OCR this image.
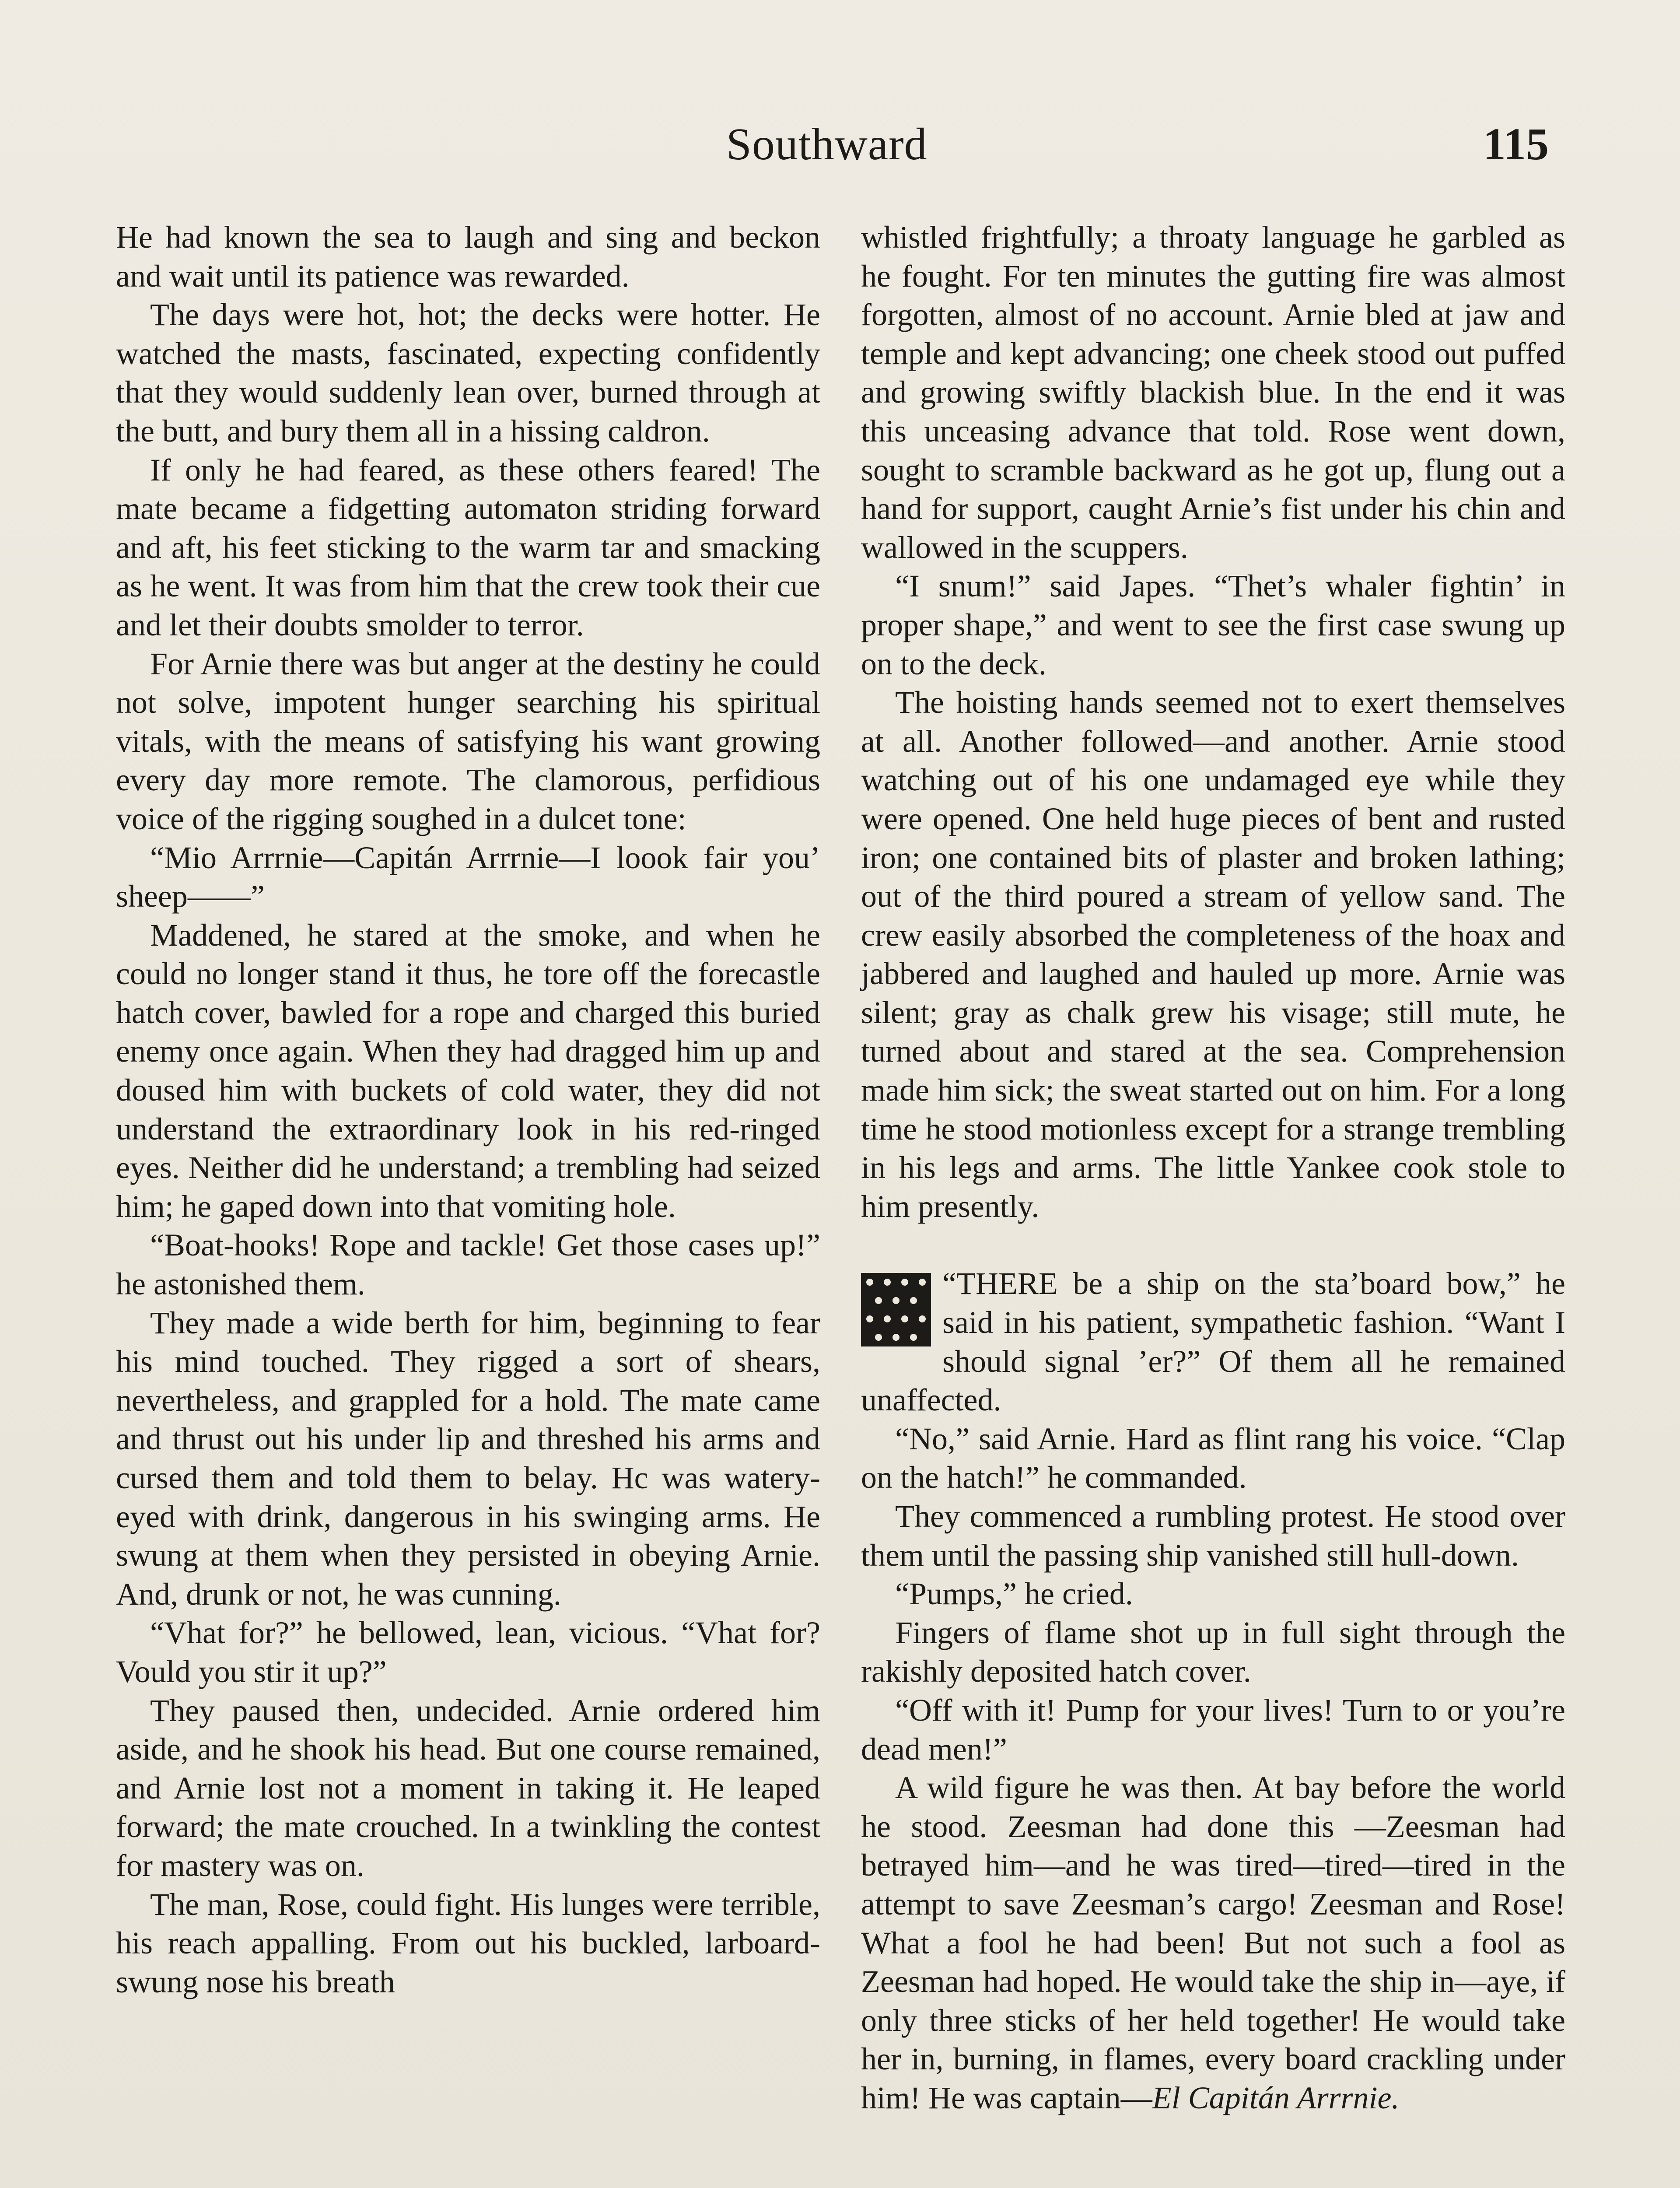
Southward	115

He had known the sea to laugh and sing and beckon and wait until its patience was rewarded.

The days were hot, hot; the decks were hotter. He watched the masts, fascinated, expecting confidently that they would suddenly lean over, burned through at the butt, and bury them all in a hissing caldron.

If only he had feared, as these others feared! The mate became a fidgetting automaton striding forward and aft, his feet sticking to the warm tar and smacking as he went. It was from him that the crew took their cue and let their doubts smolder to terror.

For Arnie there was but anger at the destiny he could not solve, impotent hunger searching his spiritual vitals, with the means of satisfying his want growing every day more remote. The clamorous, perfidious voice of the rigging soughed in a dulcet tone:

“Mio Arrrnie—Capitán Arrrnie—I loook fair you’ sheep——”

Maddened, he stared at the smoke, and when he could no longer stand it thus, he tore off the forecastle hatch cover, bawled for a rope and charged this buried enemy once again. When they had dragged him up and doused him with buckets of cold water, they did not understand the extraordinary look in his red-ringed eyes. Neither did he understand; a trembling had seized him; he gaped down into that vomiting hole.

“Boat-hooks! Rope and tackle! Get those cases up!” he astonished them.

They made a wide berth for him, beginning to fear his mind touched. They rigged a sort of shears, nevertheless, and grappled for a hold. The mate came and thrust out his under lip and threshed his arms and cursed them and told them to belay. Hc was watery-eyed with drink, dangerous in his swinging arms. He swung at them when they persisted in obeying Arnie. And, drunk or not, he was cunning.

“Vhat for?” he bellowed, lean, vicious. “Vhat for? Vould you stir it up?”

They paused then, undecided. Arnie ordered him aside, and he shook his head. But one course remained, and Arnie lost not a moment in taking it. He leaped forward; the mate crouched. In a twinkling the contest for mastery was on.

The man, Rose, could fight. His lunges were terrible, his reach appalling. From out his buckled, larboard-swung nose his breath

whistled frightfully; a throaty language he garbled as he fought. For ten minutes the gutting fire was almost forgotten, almost of no account. Arnie bled at jaw and temple and kept advancing; one cheek stood out puffed and growing swiftly blackish blue. In the end it was this unceasing advance that told. Rose went down, sought to scramble backward as he got up, flung out a hand for support, caught Arnie’s fist under his chin and wallowed in the scuppers.

“I snum!” said Japes. “Thet’s whaler fightin’ in proper shape,” and went to see the first case swung up on to the deck.

The hoisting hands seemed not to exert themselves at all. Another followed—and another. Arnie stood watching out of his one undamaged eye while they were opened. One held huge pieces of bent and rusted iron; one contained bits of plaster and broken lathing; out of the third poured a stream of yellow sand. The crew easily absorbed the completeness of the hoax and jabbered and laughed and hauled up more. Arnie was silent; gray as chalk grew his visage; still mute, he turned about and stared at the sea. Comprehension made him sick; the sweat started out on him. For a long time he stood motionless except for a strange trembling in his legs and arms. The little Yankee cook stole to him presently.

“THERE be a ship on the sta’board bow,” he said in his patient, sympathetic fashion. “Want I should signal ’er?” Of them all he remained unaffected.

“No,” said Arnie. Hard as flint rang his voice. “Clap on the hatch!” he commanded.

They commenced a rumbling protest. He stood over them until the passing ship vanished still hull-down.

“Pumps,” he cried.

Fingers of flame shot up in full sight through the rakishly deposited hatch cover.

“Off with it! Pump for your lives! Turn to or you’re dead men!”

A wild figure he was then. At bay before the world he stood. Zeesman had done this —Zeesman had betrayed him—and he was tired—tired—tired in the attempt to save Zeesman’s cargo! Zeesman and Rose! What a fool he had been! But not such a fool as Zeesman had hoped. He would take the ship in—aye, if only three sticks of her held together! He would take her in, burning, in flames, every board crackling under him! He was captain—El Capitán Arrrnie.
